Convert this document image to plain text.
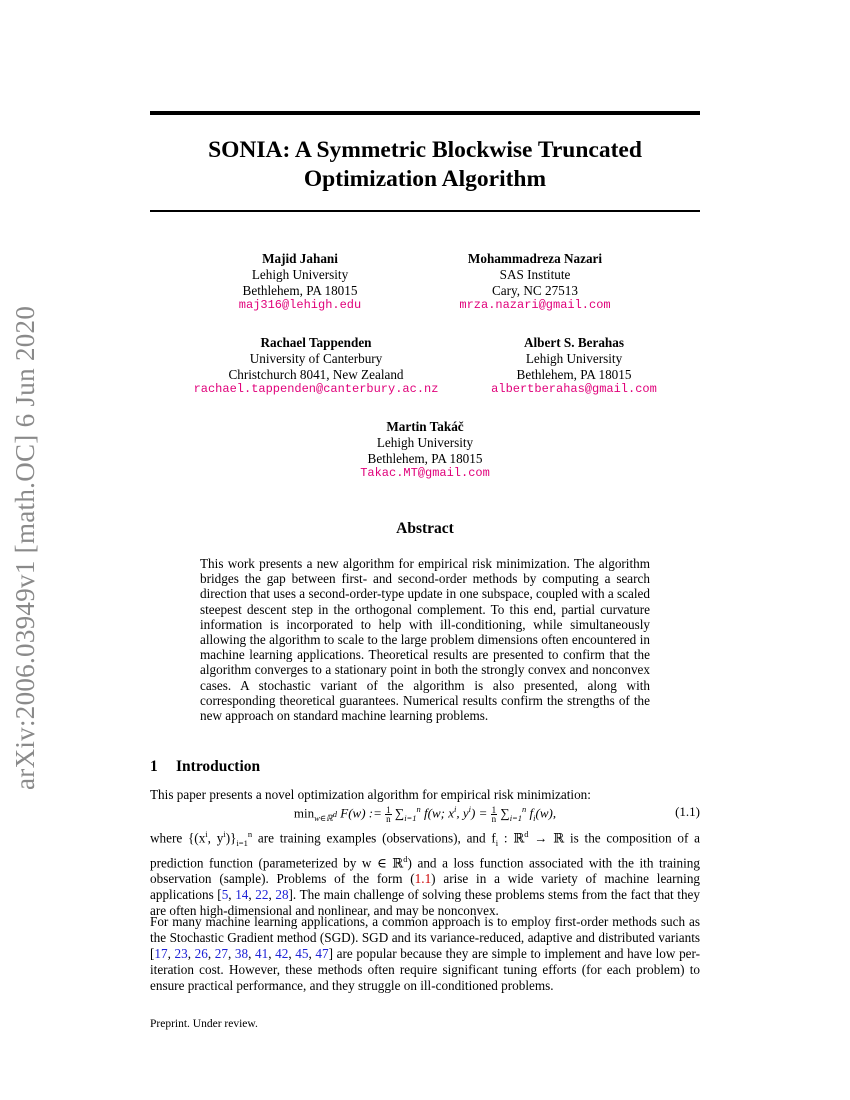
SONIA: A Symmetric Blockwise Truncated
Optimization Algorithm
Majid Jahani
Lehigh University
Bethlehem, PA 18015
maj316@lehigh.edu
Mohammadreza Nazari
SAS Institute
Cary, NC 27513
mrza.nazari@gmail.com
Rachael Tappenden
University of Canterbury
Christchurch 8041, New Zealand
rachael.tappenden@canterbury.ac.nz
Albert S. Berahas
Lehigh University
Bethlehem, PA 18015
albertberahas@gmail.com
Martin Takáč
Lehigh University
Bethlehem, PA 18015
Takac.MT@gmail.com
arXiv:2006.03949v1 [math.OC] 6 Jun 2020	Abstract
This work presents a new algorithm for empirical risk minimization. The algorithm bridges the gap between first- and second-order methods by computing a search direction that uses a second-order-type update in one subspace, coupled with a scaled steepest descent step in the orthogonal complement. To this end, partial curvature information is incorporated to help with ill-conditioning, while simultaneously allowing the algorithm to scale to the large problem dimensions often encountered in machine learning applications. Theoretical results are presented to confirm that the algorithm converges to a stationary point in both the strongly convex and nonconvex cases. A stochastic variant of the algorithm is also presented, along with corresponding theoretical guarantees. Numerical results confirm the strengths of the new approach on standard machine learning problems.
1 Introduction
This paper presents a novel optimization algorithm for empirical risk minimization:
$\min_{w\in ℝ^d} F(w)$ := $\frac{1}{n} \sum_{i=1}^n$ f(w; $x^i$, $y^i) = \frac{1}{n} \sum_{i=1}^n$ $f_i(w)$,	(1.1)
where {($x^i$, $y^i)\}_{i=1}^n$ are training examples (observations), and $f_i$ : ℝ$^d$ → ℝ is the composition of a prediction function (parameterized by w ∈ ℝ$^d$) and a loss function associated with the ith training observation (sample). Problems of the form (1.1) arise in a wide variety of machine learning applications [5, 14, 22, 28]. The main challenge of solving these problems stems from the fact that they are often high-dimensional and nonlinear, and may be nonconvex.
For many machine learning applications, a common approach is to employ first-order methods such as the Stochastic Gradient method (SGD). SGD and its variance-reduced, adaptive and distributed variants [17, 23, 26, 27, 38, 41, 42, 45, 47] are popular because they are simple to implement and have low per-iteration cost. However, these methods often require significant tuning efforts (for each problem) to ensure practical performance, and they struggle on ill-conditioned problems.
Preprint. Under review.
